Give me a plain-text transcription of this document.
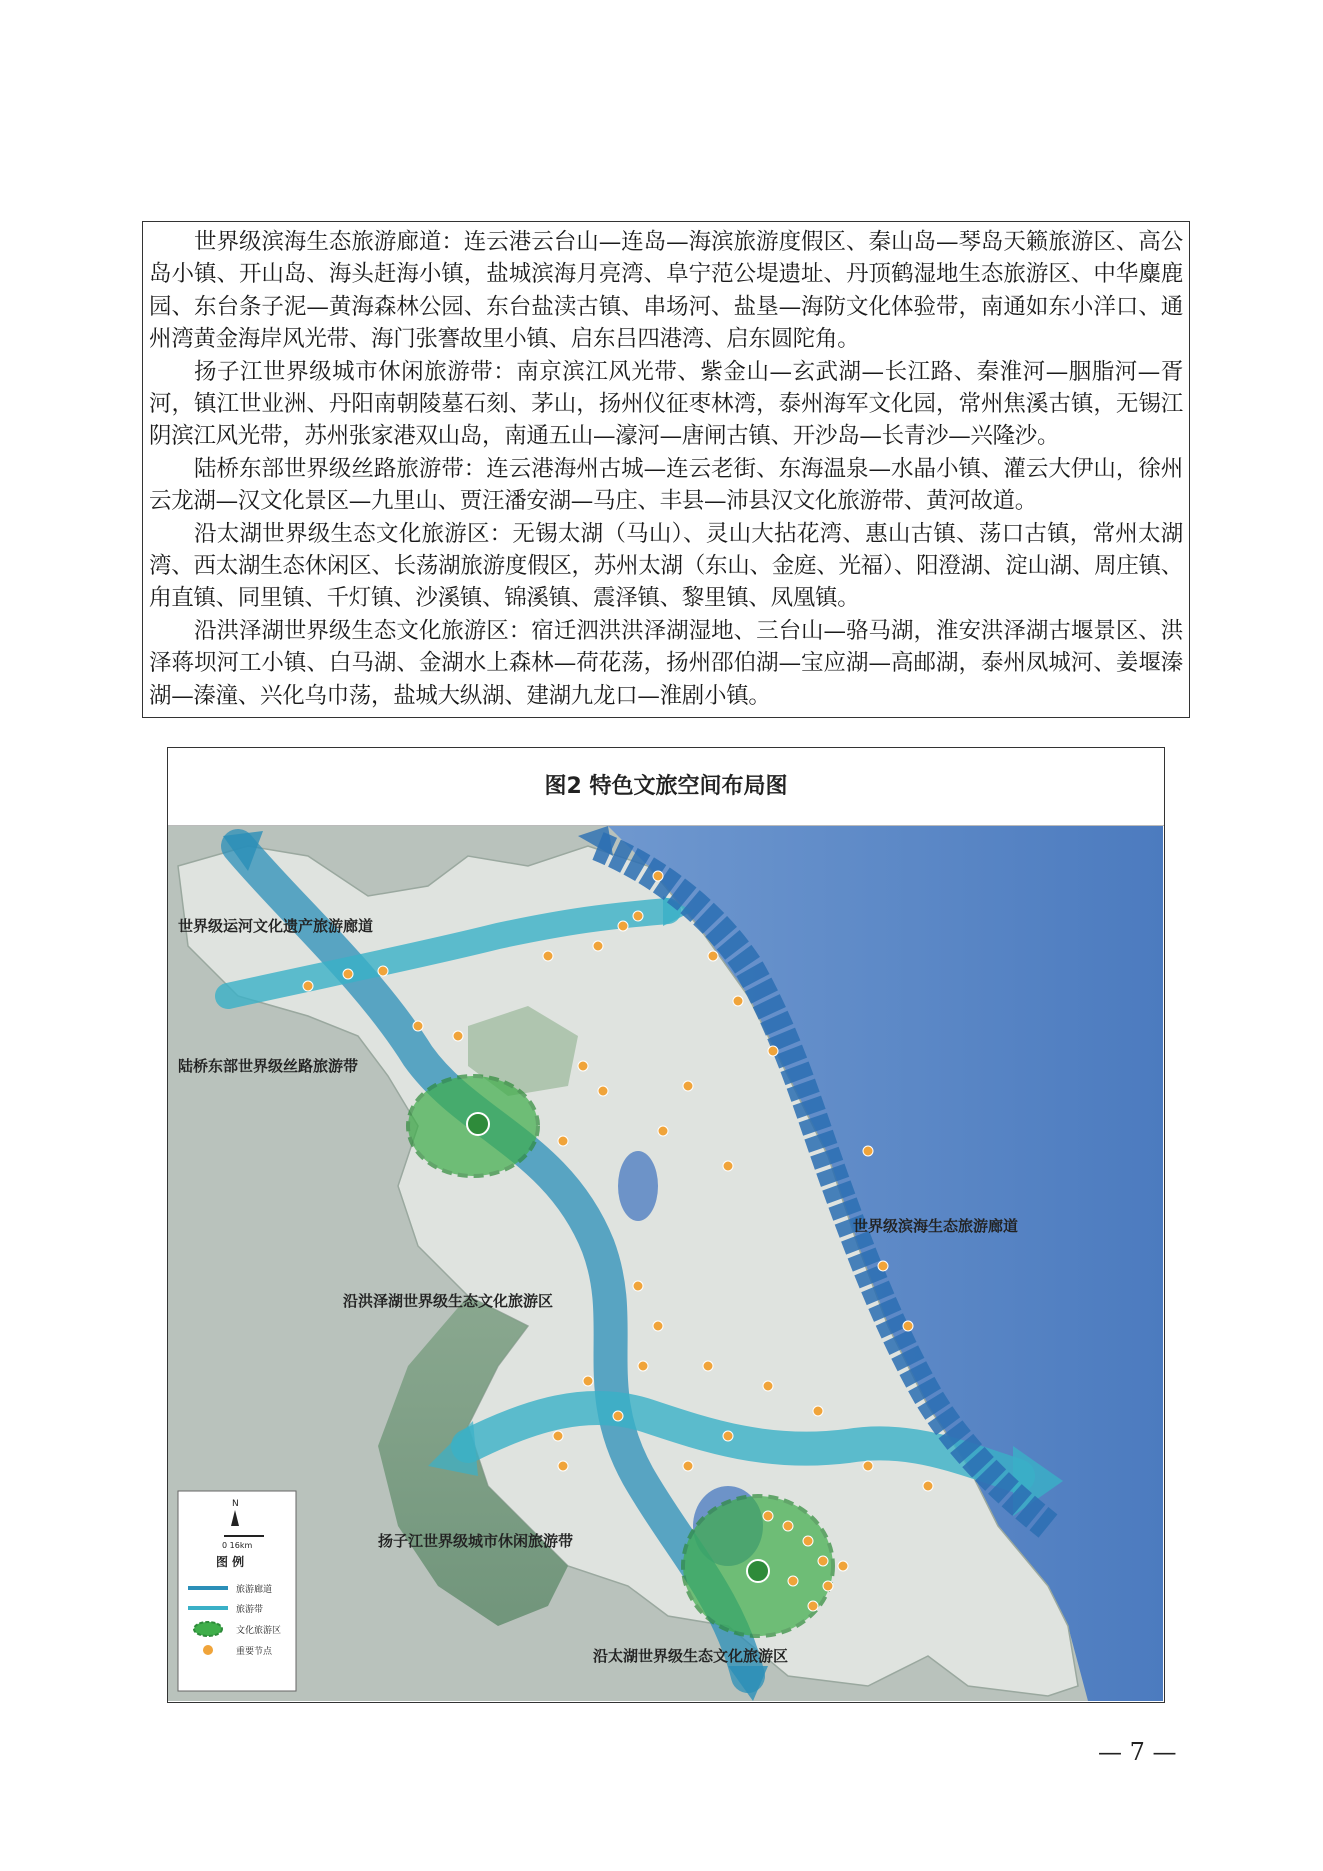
世界级滨海生态旅游廊道：连云港云台山—连岛—海滨旅游度假区、秦山岛—琴岛天籁旅游区、高公岛小镇、开山岛、海头赶海小镇，盐城滨海月亮湾、阜宁范公堤遗址、丹顶鹤湿地生态旅游区、中华麋鹿园、东台条子泥—黄海森林公园、东台盐渎古镇、串场河、盐垦—海防文化体验带，南通如东小洋口、通州湾黄金海岸风光带、海门张謇故里小镇、启东吕四港湾、启东圆陀角。

扬子江世界级城市休闲旅游带：南京滨江风光带、紫金山—玄武湖—长江路、秦淮河—胭脂河—胥河，镇江世业洲、丹阳南朝陵墓石刻、茅山，扬州仪征枣林湾，泰州海军文化园，常州焦溪古镇，无锡江阴滨江风光带，苏州张家港双山岛，南通五山—濠河—唐闸古镇、开沙岛—长青沙—兴隆沙。

陆桥东部世界级丝路旅游带：连云港海州古城—连云老街、东海温泉—水晶小镇、灌云大伊山，徐州云龙湖—汉文化景区—九里山、贾汪潘安湖—马庄、丰县—沛县汉文化旅游带、黄河故道。

沿太湖世界级生态文化旅游区：无锡太湖（马山）、灵山大拈花湾、惠山古镇、荡口古镇，常州太湖湾、西太湖生态休闲区、长荡湖旅游度假区，苏州太湖（东山、金庭、光福）、阳澄湖、淀山湖、周庄镇、甪直镇、同里镇、千灯镇、沙溪镇、锦溪镇、震泽镇、黎里镇、凤凰镇。

沿洪泽湖世界级生态文化旅游区：宿迁泗洪洪泽湖湿地、三台山—骆马湖，淮安洪泽湖古堰景区、洪泽蒋坝河工小镇、白马湖、金湖水上森林—荷花荡，扬州邵伯湖—宝应湖—高邮湖，泰州凤城河、姜堰溱湖—溱潼、兴化乌巾荡，盐城大纵湖、建湖九龙口—淮剧小镇。

图2 特色文旅空间布局图
世界级运河文化遗产旅游廊道
陆桥东部世界级丝路旅游带
世界级滨海生态旅游廊道
沿洪泽湖世界级生态文化旅游区
扬子江世界级城市休闲旅游带
沿太湖世界级生态文化旅游区
N
0 16km
图 例
旅游廊道
旅游带
文化旅游区
重要节点
— 7 —
